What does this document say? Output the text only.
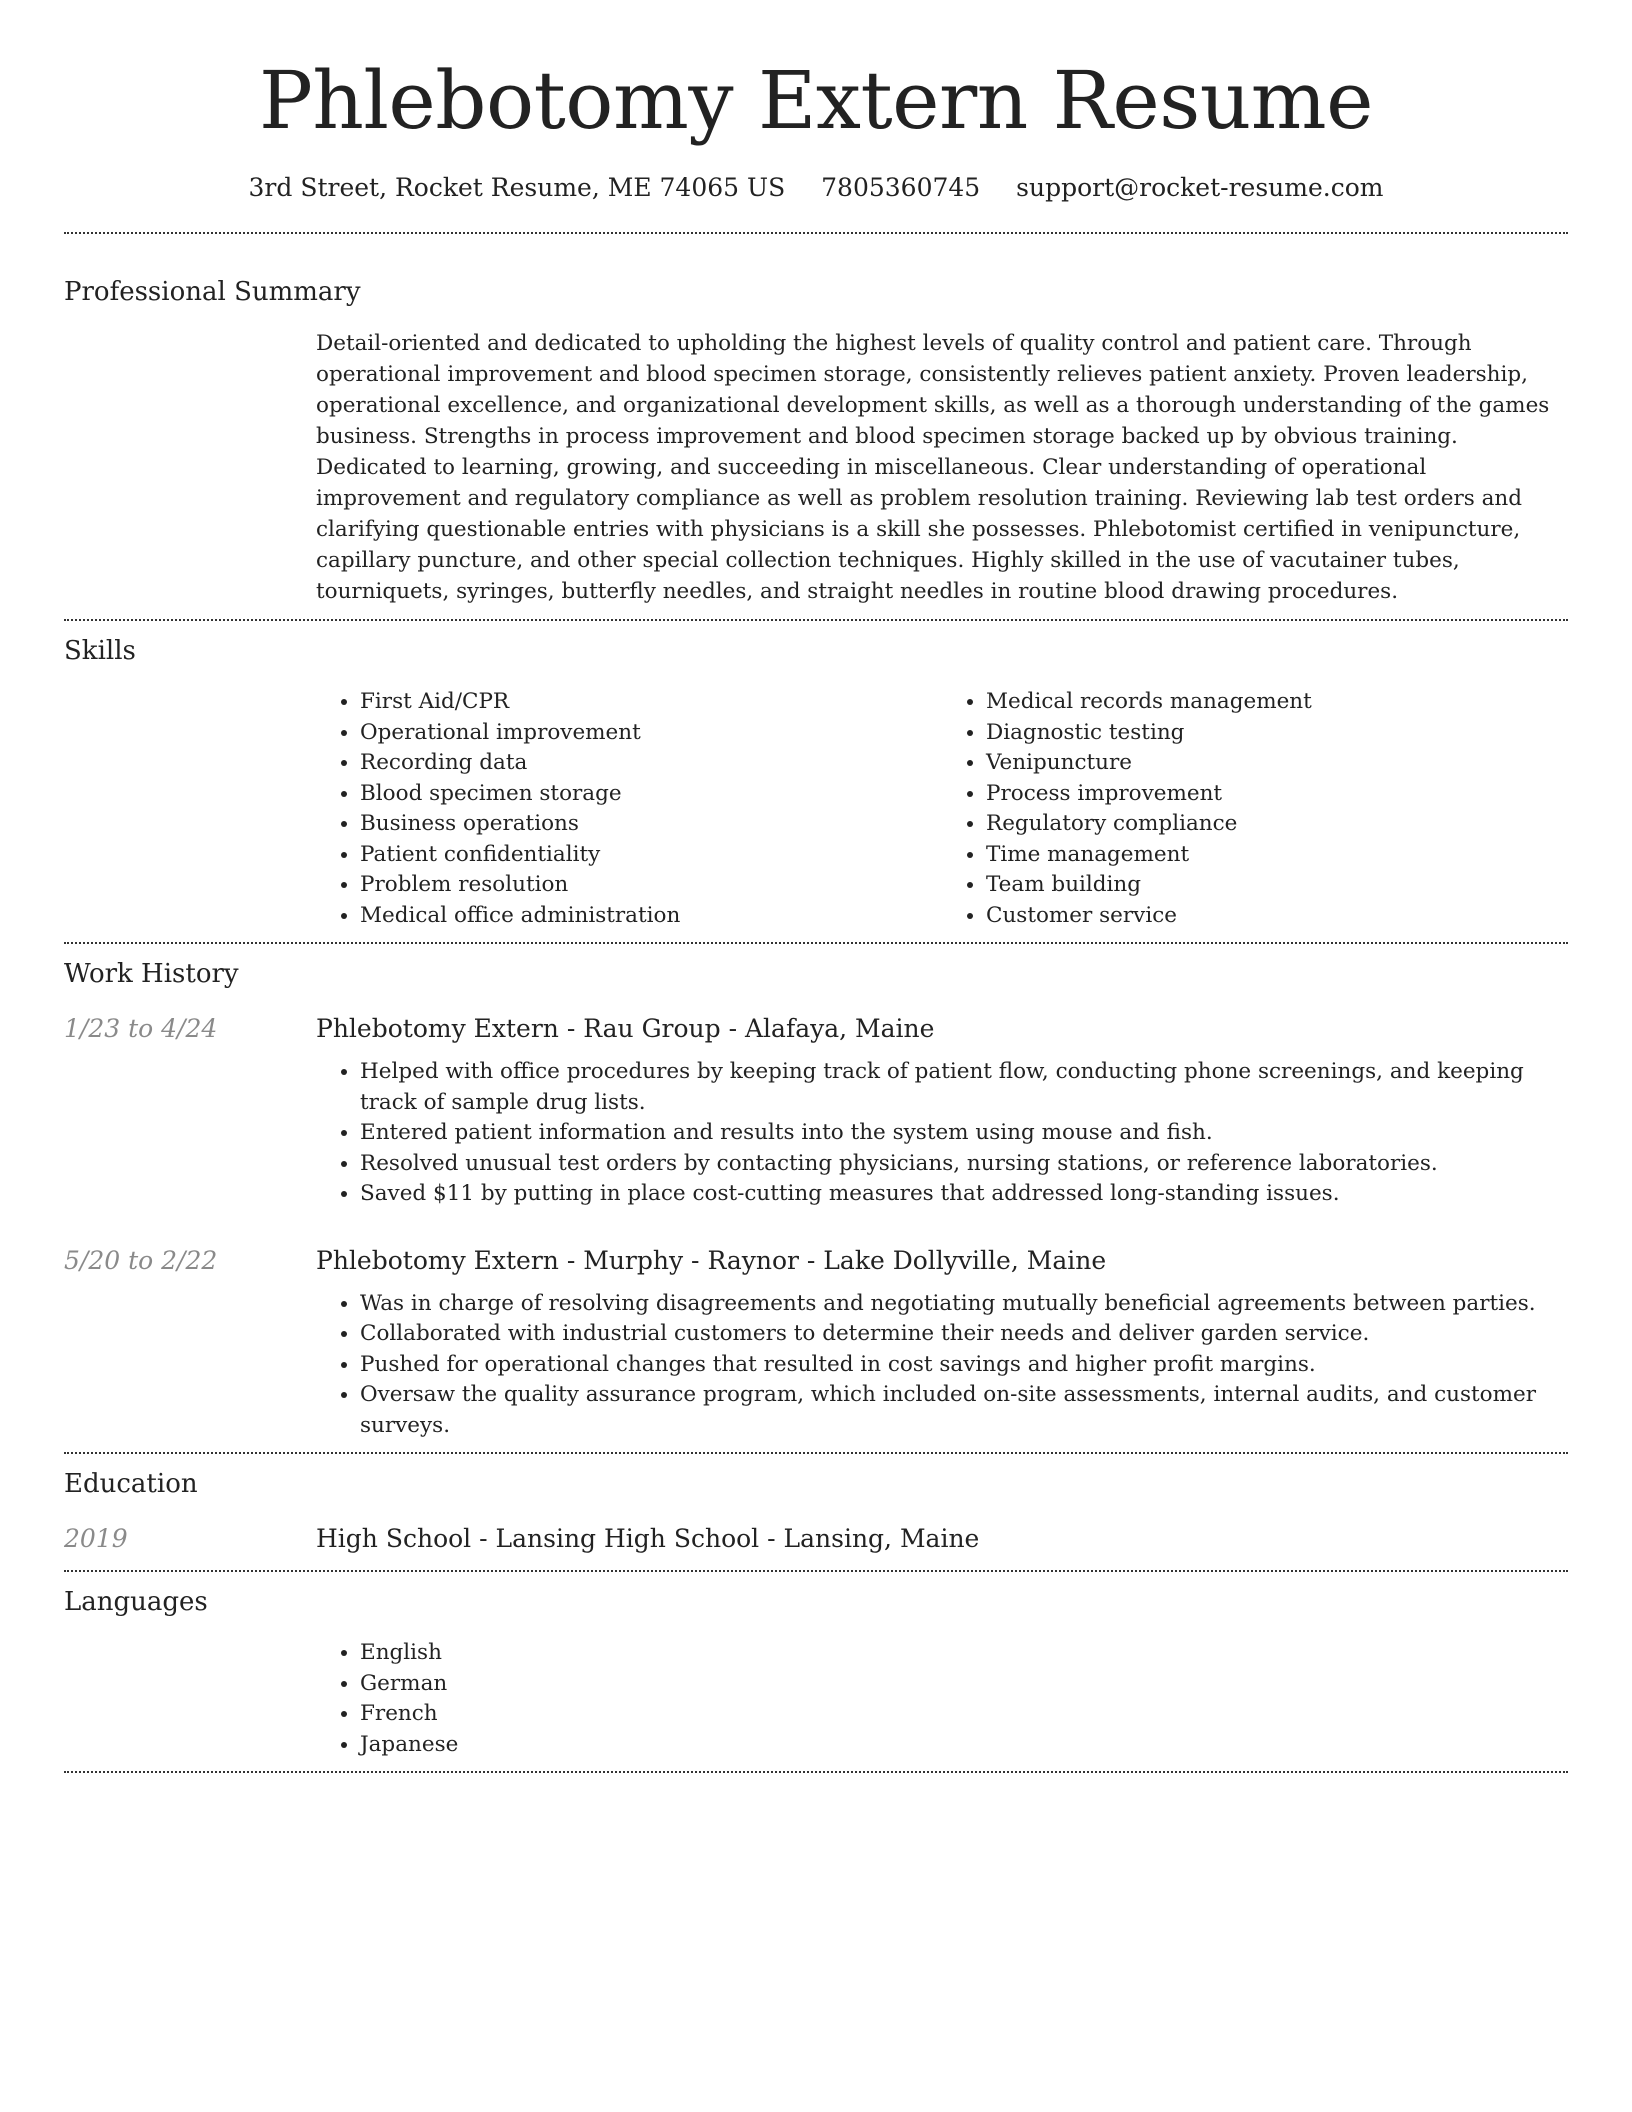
Phlebotomy Extern Resume
3rd Street, Rocket Resume, ME 74065 US 7805360745 support@rocket-resume.com
Professional Summary

Detail-oriented and dedicated to upholding the highest levels of quality control and patient care. Through operational improvement and blood specimen storage, consistently relieves patient anxiety. Proven leadership, operational excellence, and organizational development skills, as well as a thorough understanding of the games business. Strengths in process improvement and blood specimen storage backed up by obvious training. Dedicated to learning, growing, and succeeding in miscellaneous. Clear understanding of operational improvement and regulatory compliance as well as problem resolution training. Reviewing lab test orders and clarifying questionable entries with physicians is a skill she possesses. Phlebotomist certified in venipuncture, capillary puncture, and other special collection techniques. Highly skilled in the use of vacutainer tubes, tourniquets, syringes, butterfly needles, and straight needles in routine blood drawing procedures.

Skills
• First Aid/CPR
• Operational improvement
• Recording data
• Blood specimen storage
• Business operations
• Patient confidentiality
• Problem resolution
• Medical office administration
• Medical records management
• Diagnostic testing
• Venipuncture
• Process improvement
• Regulatory compliance
• Time management
• Team building
• Customer service
Work History
1/23 to 4/24	Phlebotomy Extern - Rau Group - Alafaya, Maine
• Helped with office procedures by keeping track of patient flow, conducting phone screenings, and keeping track of sample drug lists.
• Entered patient information and results into the system using mouse and fish.
• Resolved unusual test orders by contacting physicians, nursing stations, or reference laboratories.
• Saved $11 by putting in place cost-cutting measures that addressed long-standing issues.
5/20 to 2/22	Phlebotomy Extern - Murphy - Raynor - Lake Dollyville, Maine
• Was in charge of resolving disagreements and negotiating mutually beneficial agreements between parties.
• Collaborated with industrial customers to determine their needs and deliver garden service.
• Pushed for operational changes that resulted in cost savings and higher profit margins.
• Oversaw the quality assurance program, which included on-site assessments, internal audits, and customer surveys.
Education
2019	High School - Lansing High School - Lansing, Maine
Languages
• English
• German
• French
• Japanese
